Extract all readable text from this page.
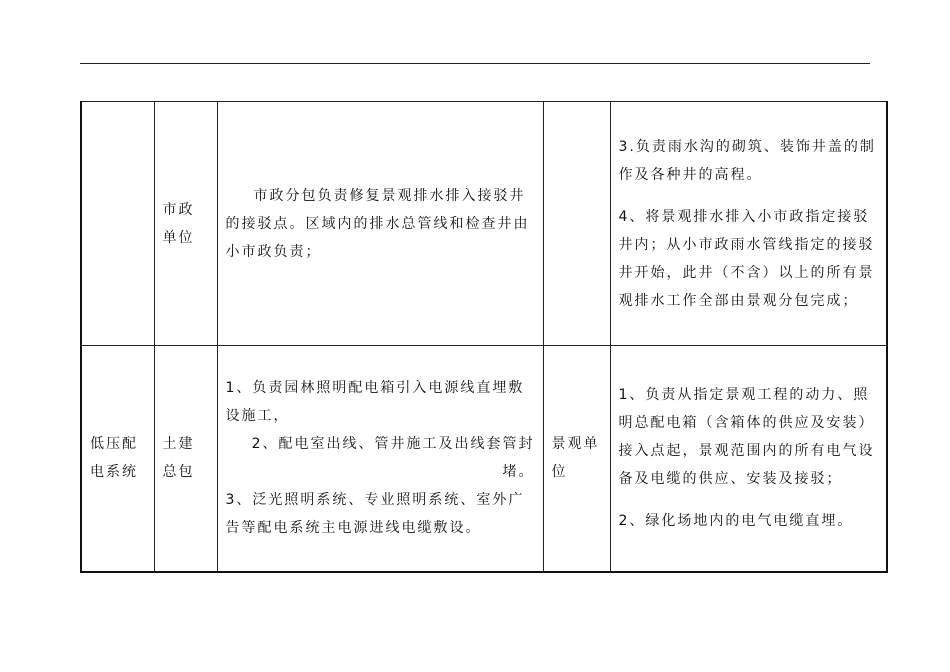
	市政单位	市政分包负责修复景观排水排入接驳井的接驳点。区域内的排水总管线和检查井由小市政负责；		3.负责雨水沟的砌筑、装饰井盖的制作及各种井的高程。
4、将景观排水排入小市政指定接驳井内；从小市政雨水管线指定的接驳井开始，此井（不含）以上的所有景观排水工作全部由景观分包完成；

低压配电系统	土建总包	1、负责园林照明配电箱引入电源线直埋敷设施工，
2、配电室出线、管井施工及出线套管封堵。
3、泛光照明系统、专业照明系统、室外广告等配电系统主电源进线电缆敷设。	景观单位	1、负责从指定景观工程的动力、照明总配电箱（含箱体的供应及安装）接入点起，景观范围内的所有电气设备及电缆的供应、安装及接驳；
2、绿化场地内的电气电缆直埋。
